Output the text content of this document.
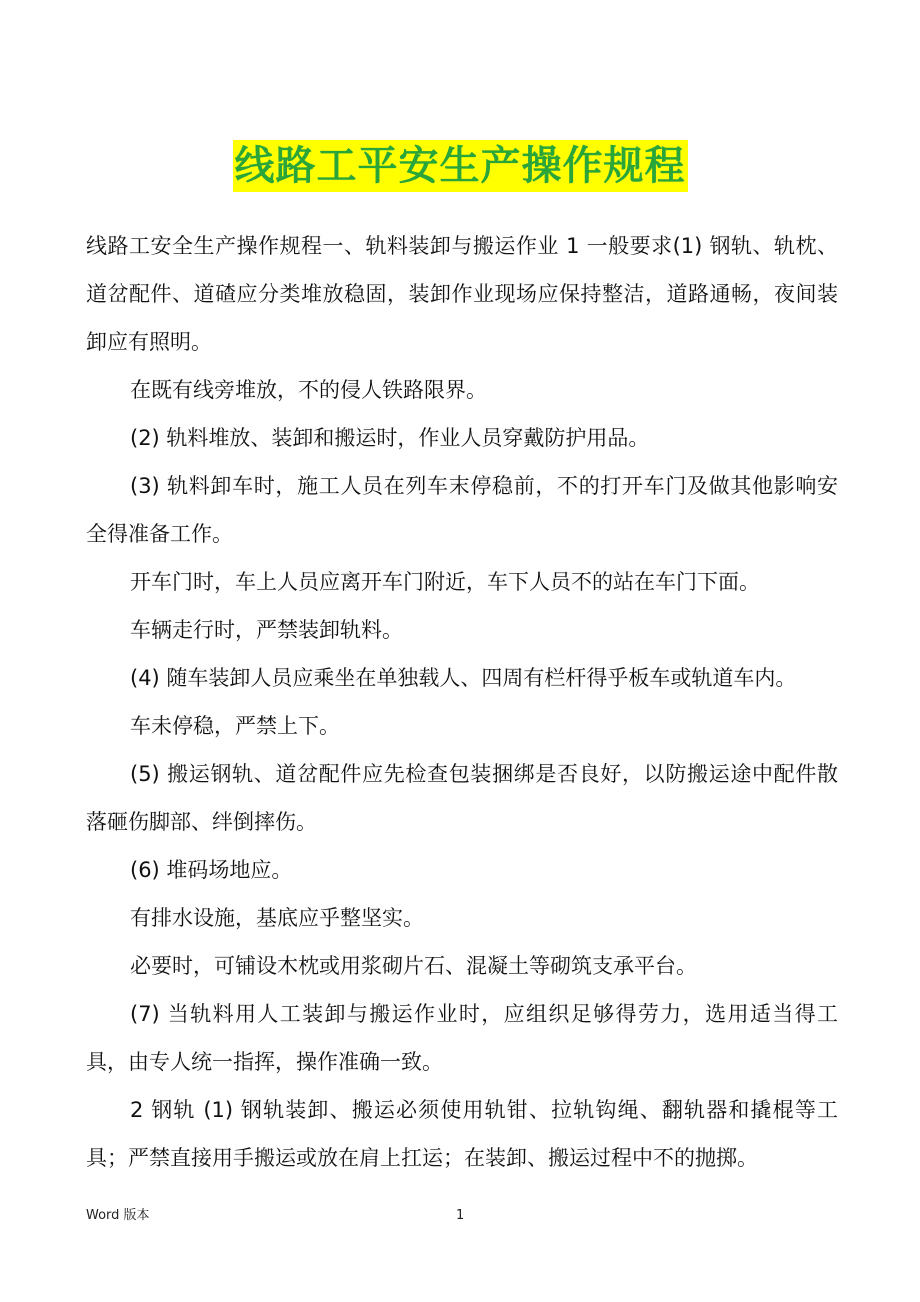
线路工平安生产操作规程

线路工安全生产操作规程一、轨料装卸与搬运作业 1 一般要求(1) 钢轨、轨枕、道岔配件、道碴应分类堆放稳固，装卸作业现场应保持整洁，道路通畅，夜间装卸应有照明。

在既有线旁堆放，不的侵人铁路限界。

(2) 轨料堆放、装卸和搬运时，作业人员穿戴防护用品。

(3) 轨料卸车时，施工人员在列车末停稳前，不的打开车门及做其他影响安全得准备工作。

开车门时，车上人员应离开车门附近，车下人员不的站在车门下面。

车辆走行时，严禁装卸轨料。

(4) 随车装卸人员应乘坐在单独载人、四周有栏杆得乎板车或轨道车内。

车未停稳，严禁上下。

(5) 搬运钢轨、道岔配件应先检查包装捆绑是否良好，以防搬运途中配件散落砸伤脚部、绊倒摔伤。

(6) 堆码场地应。

有排水设施，基底应乎整坚实。

必要时，可铺设木枕或用浆砌片石、混凝土等砌筑支承平台。

(7) 当轨料用人工装卸与搬运作业时，应组织足够得劳力，选用适当得工具，由专人统一指挥，操作准确一致。

2 钢轨 (1) 钢轨装卸、搬运必须使用轨钳、拉轨钩绳、翻轨器和撬棍等工具；严禁直接用手搬运或放在肩上扛运；在装卸、搬运过程中不的抛掷。

Word 版本	1
